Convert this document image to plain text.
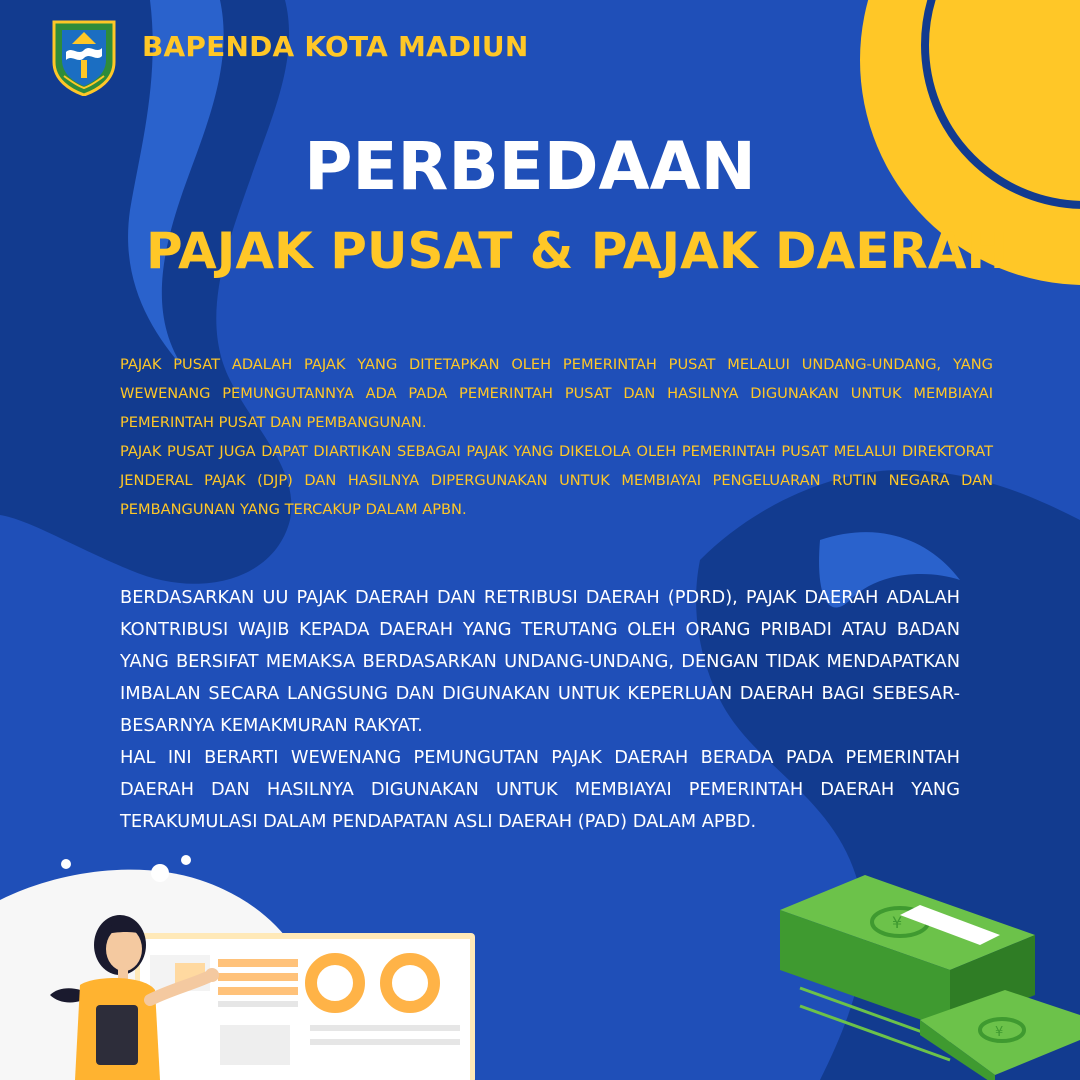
BAPENDA KOTA MADIUN
PERBEDAAN
PAJAK PUSAT & PAJAK DAERAH

PAJAK PUSAT ADALAH PAJAK YANG DITETAPKAN OLEH PEMERINTAH PUSAT MELALUI UNDANG-UNDANG, YANG WEWENANG PEMUNGUTANNYA ADA PADA PEMERINTAH PUSAT DAN HASILNYA DIGUNAKAN UNTUK MEMBIAYAI PEMERINTAH PUSAT DAN PEMBANGUNAN.

PAJAK PUSAT JUGA DAPAT DIARTIKAN SEBAGAI PAJAK YANG DIKELOLA OLEH PEMERINTAH PUSAT MELALUI DIREKTORAT JENDERAL PAJAK (DJP) DAN HASILNYA DIPERGUNAKAN UNTUK MEMBIAYAI PENGELUARAN RUTIN NEGARA DAN PEMBANGUNAN YANG TERCAKUP DALAM APBN.

BERDASARKAN UU PAJAK DAERAH DAN RETRIBUSI DAERAH (PDRD), PAJAK DAERAH ADALAH KONTRIBUSI WAJIB KEPADA DAERAH YANG TERUTANG OLEH ORANG PRIBADI ATAU BADAN YANG BERSIFAT MEMAKSA BERDASARKAN UNDANG-UNDANG, DENGAN TIDAK MENDAPATKAN IMBALAN SECARA LANGSUNG DAN DIGUNAKAN UNTUK KEPERLUAN DAERAH BAGI SEBESAR-BESARNYA KEMAKMURAN RAKYAT.

HAL INI BERARTI WEWENANG PEMUNGUTAN PAJAK DAERAH BERADA PADA PEMERINTAH DAERAH DAN HASILNYA DIGUNAKAN UNTUK MEMBIAYAI PEMERINTAH DAERAH YANG TERAKUMULASI DALAM PENDAPATAN ASLI DAERAH (PAD) DALAM APBD.

¥
¥
